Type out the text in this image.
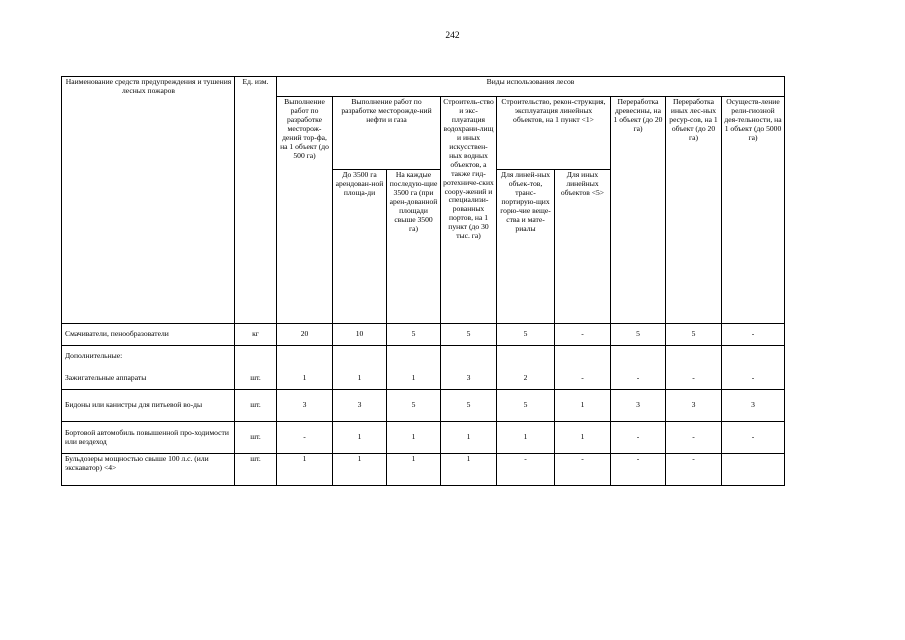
242
Наименование средств предупреждения и тушения лесных пожаров	Ед. изм.	Виды использования лесов								
		Выполнение работ по разработке месторож-дений тор-фа, на 1 объект (до 500 га)	Выполнение работ по разработке месторожде-ний нефти и газа		Строитель-ство и экс-плуатация водохрани-лищ и иных искусствен-ных водных объектов, а также гид-ротехниче-ских соору-жений и специализи-рованных портов, на 1 пункт (до 30 тыс. га)	Строительство, рекон-струкция, эксплуатация линейных объектов, на 1 пункт <1>		Переработка древесины, на 1 объект (до 20 га)	Переработка иных лес-ных ресур-сов, на 1 объект (до 20 га)	Осуществ-ление рели-гиозной дея-тельности, на 1 объект (до 5000 га)
			До 3500 га арендован-ной площа-ди	На каждые последую-щие 3500 га (при арен-дованной площади свыше 3500 га)		Для линей-ных объек-тов, транс-портирую-щих горю-чие веще-ства и мате-риалы	Для иных линейных объектов <5>			

Смачиватели, пенообразователи	кг	20	10	5	5	5	-	5	5	-
Дополнительные:										
Зажигательные аппараты	шт.	1	1	1	3	2	-	-	-	-
Бидоны или канистры для питьевой во-ды	шт.	3	3	5	5	5	1	3	3	3
Бортовой автомобиль повышенной про-ходимости или вездеход	шт.	-	1	1	1	1	1	-	-	-
Бульдозеры мощностью свыше 100 л.с. (или экскаватор) <4>	шт.	1	1	1	1	-	-	-	-	
